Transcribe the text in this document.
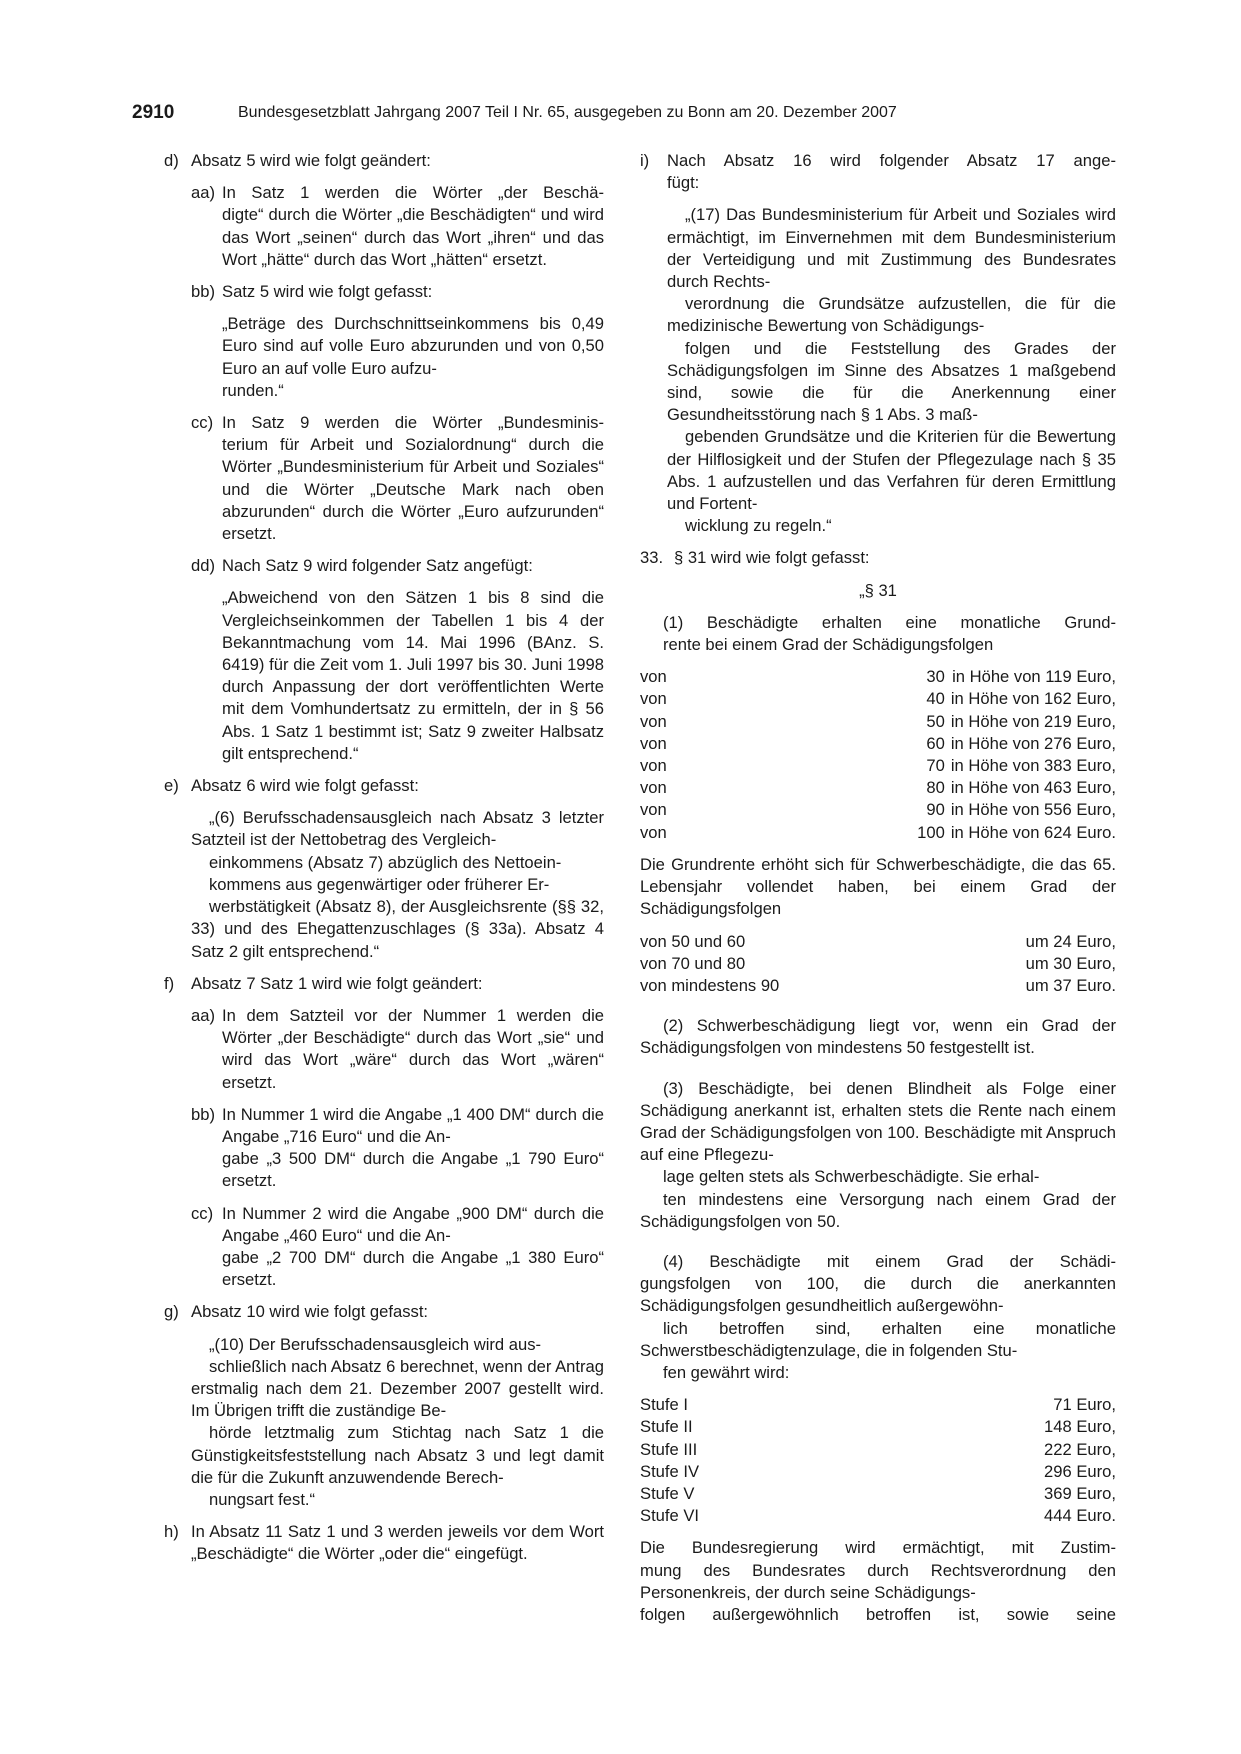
2910	Bundesgesetzblatt Jahrgang 2007 Teil I Nr. 65, ausgegeben zu Bonn am 20. Dezember 2007
d) Absatz 5 wird wie folgt geändert:
aa) In Satz 1 werden die Wörter „der Beschä-
digte“ durch die Wörter „die Beschädigten“ und wird das Wort „seinen“ durch das Wort „ihren“ und das Wort „hätte“ durch das Wort „hätten“ ersetzt.
bb) Satz 5 wird wie folgt gefasst:
„Beträge des Durchschnittseinkommens bis 0,49 Euro sind auf volle Euro abzurunden und von 0,50 Euro an auf volle Euro aufzu-
runden.“
cc) In Satz 9 werden die Wörter „Bundesminis-
terium für Arbeit und Sozialordnung“ durch die Wörter „Bundesministerium für Arbeit und Soziales“ und die Wörter „Deutsche Mark nach oben abzurunden“ durch die Wörter „Euro aufzurunden“ ersetzt.
dd) Nach Satz 9 wird folgender Satz angefügt:
„Abweichend von den Sätzen 1 bis 8 sind die Vergleichseinkommen der Tabellen 1 bis 4 der Bekanntmachung vom 14. Mai 1996 (BAnz. S. 6419) für die Zeit vom 1. Juli 1997 bis 30. Juni 1998 durch Anpassung der dort veröffentlichten Werte mit dem Vomhundertsatz zu ermitteln, der in § 56 Abs. 1 Satz 1 bestimmt ist; Satz 9 zweiter Halbsatz gilt entsprechend.“
e) Absatz 6 wird wie folgt gefasst:
„(6) Berufsschadensausgleich nach Absatz 3 letzter Satzteil ist der Nettobetrag des Vergleich-
einkommens (Absatz 7) abzüglich des Nettoein-
kommens aus gegenwärtiger oder früherer Er-
werbstätigkeit (Absatz 8), der Ausgleichsrente (§§ 32, 33) und des Ehegattenzuschlages (§ 33a). Absatz 4 Satz 2 gilt entsprechend.“
f) Absatz 7 Satz 1 wird wie folgt geändert:
aa) In dem Satzteil vor der Nummer 1 werden die Wörter „der Beschädigte“ durch das Wort „sie“ und wird das Wort „wäre“ durch das Wort „wären“ ersetzt.
bb) In Nummer 1 wird die Angabe „1 400 DM“ durch die Angabe „716 Euro“ und die An-
gabe „3 500 DM“ durch die Angabe „1 790 Euro“ ersetzt.
cc) In Nummer 2 wird die Angabe „900 DM“ durch die Angabe „460 Euro“ und die An-
gabe „2 700 DM“ durch die Angabe „1 380 Euro“ ersetzt.
g) Absatz 10 wird wie folgt gefasst:
„(10) Der Berufsschadensausgleich wird aus-
schließlich nach Absatz 6 berechnet, wenn der Antrag erstmalig nach dem 21. Dezember 2007 gestellt wird. Im Übrigen trifft die zuständige Be-
hörde letztmalig zum Stichtag nach Satz 1 die Günstigkeitsfeststellung nach Absatz 3 und legt damit die für die Zukunft anzuwendende Berech-
nungsart fest.“
h) In Absatz 11 Satz 1 und 3 werden jeweils vor dem Wort „Beschädigte“ die Wörter „oder die“ eingefügt.
i) Nach Absatz 16 wird folgender Absatz 17 ange-
fügt:
„(17) Das Bundesministerium für Arbeit und Soziales wird ermächtigt, im Einvernehmen mit dem Bundesministerium der Verteidigung und mit Zustimmung des Bundesrates durch Rechts-
verordnung die Grundsätze aufzustellen, die für die medizinische Bewertung von Schädigungs-
folgen und die Feststellung des Grades der Schädigungsfolgen im Sinne des Absatzes 1 maßgebend sind, sowie die für die Anerkennung einer Gesundheitsstörung nach § 1 Abs. 3 maß-
gebenden Grundsätze und die Kriterien für die Bewertung der Hilflosigkeit und der Stufen der Pflegezulage nach § 35 Abs. 1 aufzustellen und das Verfahren für deren Ermittlung und Fortent-
wicklung zu regeln.“
33. § 31 wird wie folgt gefasst:
„§ 31
(1) Beschädigte erhalten eine monatliche Grund-
rente bei einem Grad der Schädigungsfolgen
von	30 in Höhe von 119 Euro,
von	40 in Höhe von 162 Euro,
von	50 in Höhe von 219 Euro,
von	60 in Höhe von 276 Euro,
von	70 in Höhe von 383 Euro,
von	80 in Höhe von 463 Euro,
von	90 in Höhe von 556 Euro,
von	100 in Höhe von 624 Euro.
Die Grundrente erhöht sich für Schwerbeschädigte, die das 65. Lebensjahr vollendet haben, bei einem Grad der Schädigungsfolgen
von 50 und 60	um 24 Euro,
von 70 und 80	um 30 Euro,
von mindestens 90	um 37 Euro.
(2) Schwerbeschädigung liegt vor, wenn ein Grad der Schädigungsfolgen von mindestens 50 festgestellt ist.
(3) Beschädigte, bei denen Blindheit als Folge einer Schädigung anerkannt ist, erhalten stets die Rente nach einem Grad der Schädigungsfolgen von 100. Beschädigte mit Anspruch auf eine Pflegezu-
lage gelten stets als Schwerbeschädigte. Sie erhal-
ten mindestens eine Versorgung nach einem Grad der Schädigungsfolgen von 50.
(4) Beschädigte mit einem Grad der Schädi-
gungsfolgen von 100, die durch die anerkannten Schädigungsfolgen gesundheitlich außergewöhn-
lich betroffen sind, erhalten eine monatliche Schwerstbeschädigtenzulage, die in folgenden Stu-
fen gewährt wird:
Stufe I	71 Euro,
Stufe II	148 Euro,
Stufe III	222 Euro,
Stufe IV	296 Euro,
Stufe V	369 Euro,
Stufe VI	444 Euro.
Die Bundesregierung wird ermächtigt, mit Zustim-
mung des Bundesrates durch Rechtsverordnung den Personenkreis, der durch seine Schädigungs-
folgen außergewöhnlich betroffen ist, sowie seine
